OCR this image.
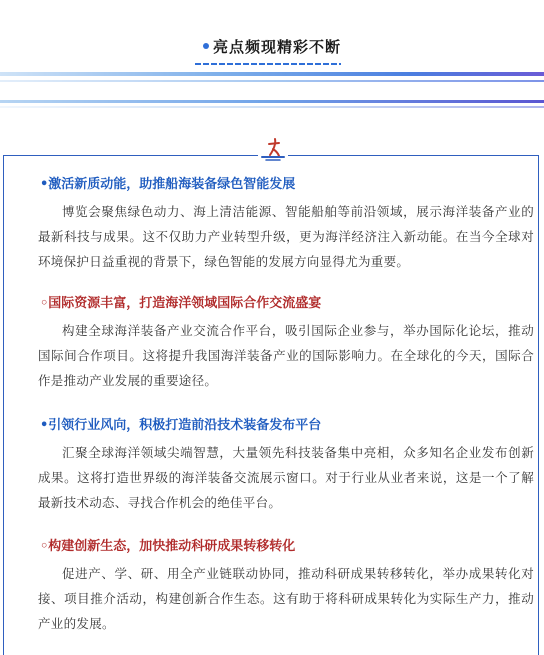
亮点频现精彩不断
•激活新质动能，助推船海装备绿色智能发展
博览会聚焦绿色动力、海上清洁能源、智能船舶等前沿领域，展示海洋装备产业的最新科技与成果。这不仅助力产业转型升级，更为海洋经济注入新动能。在当今全球对环境保护日益重视的背景下，绿色智能的发展方向显得尤为重要。
◦国际资源丰富，打造海洋领域国际合作交流盛宴
构建全球海洋装备产业交流合作平台，吸引国际企业参与，举办国际化论坛，推动国际间合作项目。这将提升我国海洋装备产业的国际影响力。在全球化的今天，国际合作是推动产业发展的重要途径。
•引领行业风向，积极打造前沿技术装备发布平台
汇聚全球海洋领域尖端智慧，大量领先科技装备集中亮相，众多知名企业发布创新成果。这将打造世界级的海洋装备交流展示窗口。对于行业从业者来说，这是一个了解最新技术动态、寻找合作机会的绝佳平台。
◦构建创新生态，加快推动科研成果转移转化
促进产、学、研、用全产业链联动协同，推动科研成果转移转化，举办成果转化对接、项目推介活动，构建创新合作生态。这有助于将科研成果转化为实际生产力，推动产业的发展。
